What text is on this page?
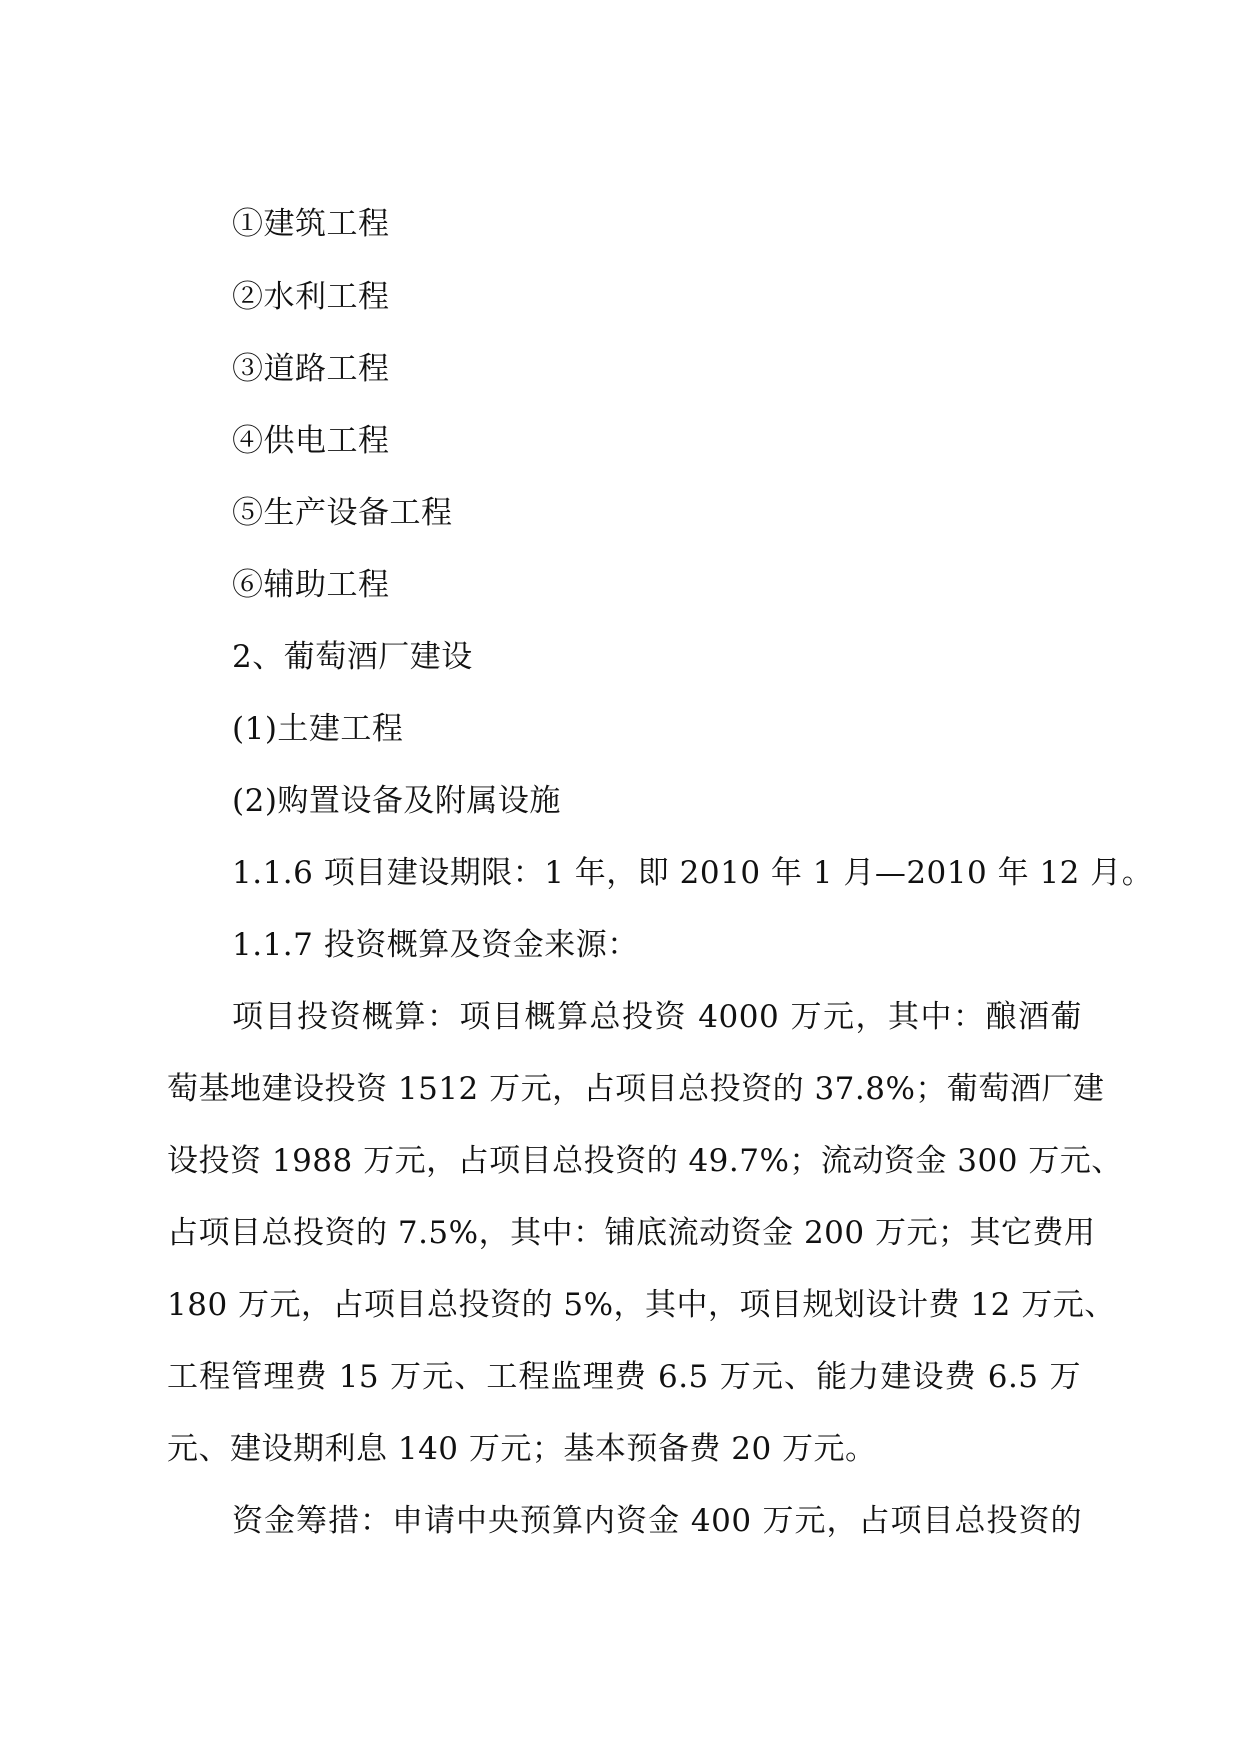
①建筑工程
②水利工程
③道路工程
④供电工程
⑤生产设备工程
⑥辅助工程
2、葡萄酒厂建设
(1)土建工程
(2)购置设备及附属设施
1.1.6 项目建设期限：1 年，即 2010 年 1 月—2010 年 12 月。
1.1.7 投资概算及资金来源：
项目投资概算：项目概算总投资 4000 万元，其中：酿酒葡
萄基地建设投资 1512 万元，占项目总投资的 37.8%；葡萄酒厂建
设投资 1988 万元，占项目总投资的 49.7%；流动资金 300 万元、
占项目总投资的 7.5%，其中：铺底流动资金 200 万元；其它费用
180 万元，占项目总投资的 5%，其中，项目规划设计费 12 万元、
工程管理费 15 万元、工程监理费 6.5 万元、能力建设费 6.5 万
元、建设期利息 140 万元；基本预备费 20 万元。
资金筹措：申请中央预算内资金 400 万元，占项目总投资的
